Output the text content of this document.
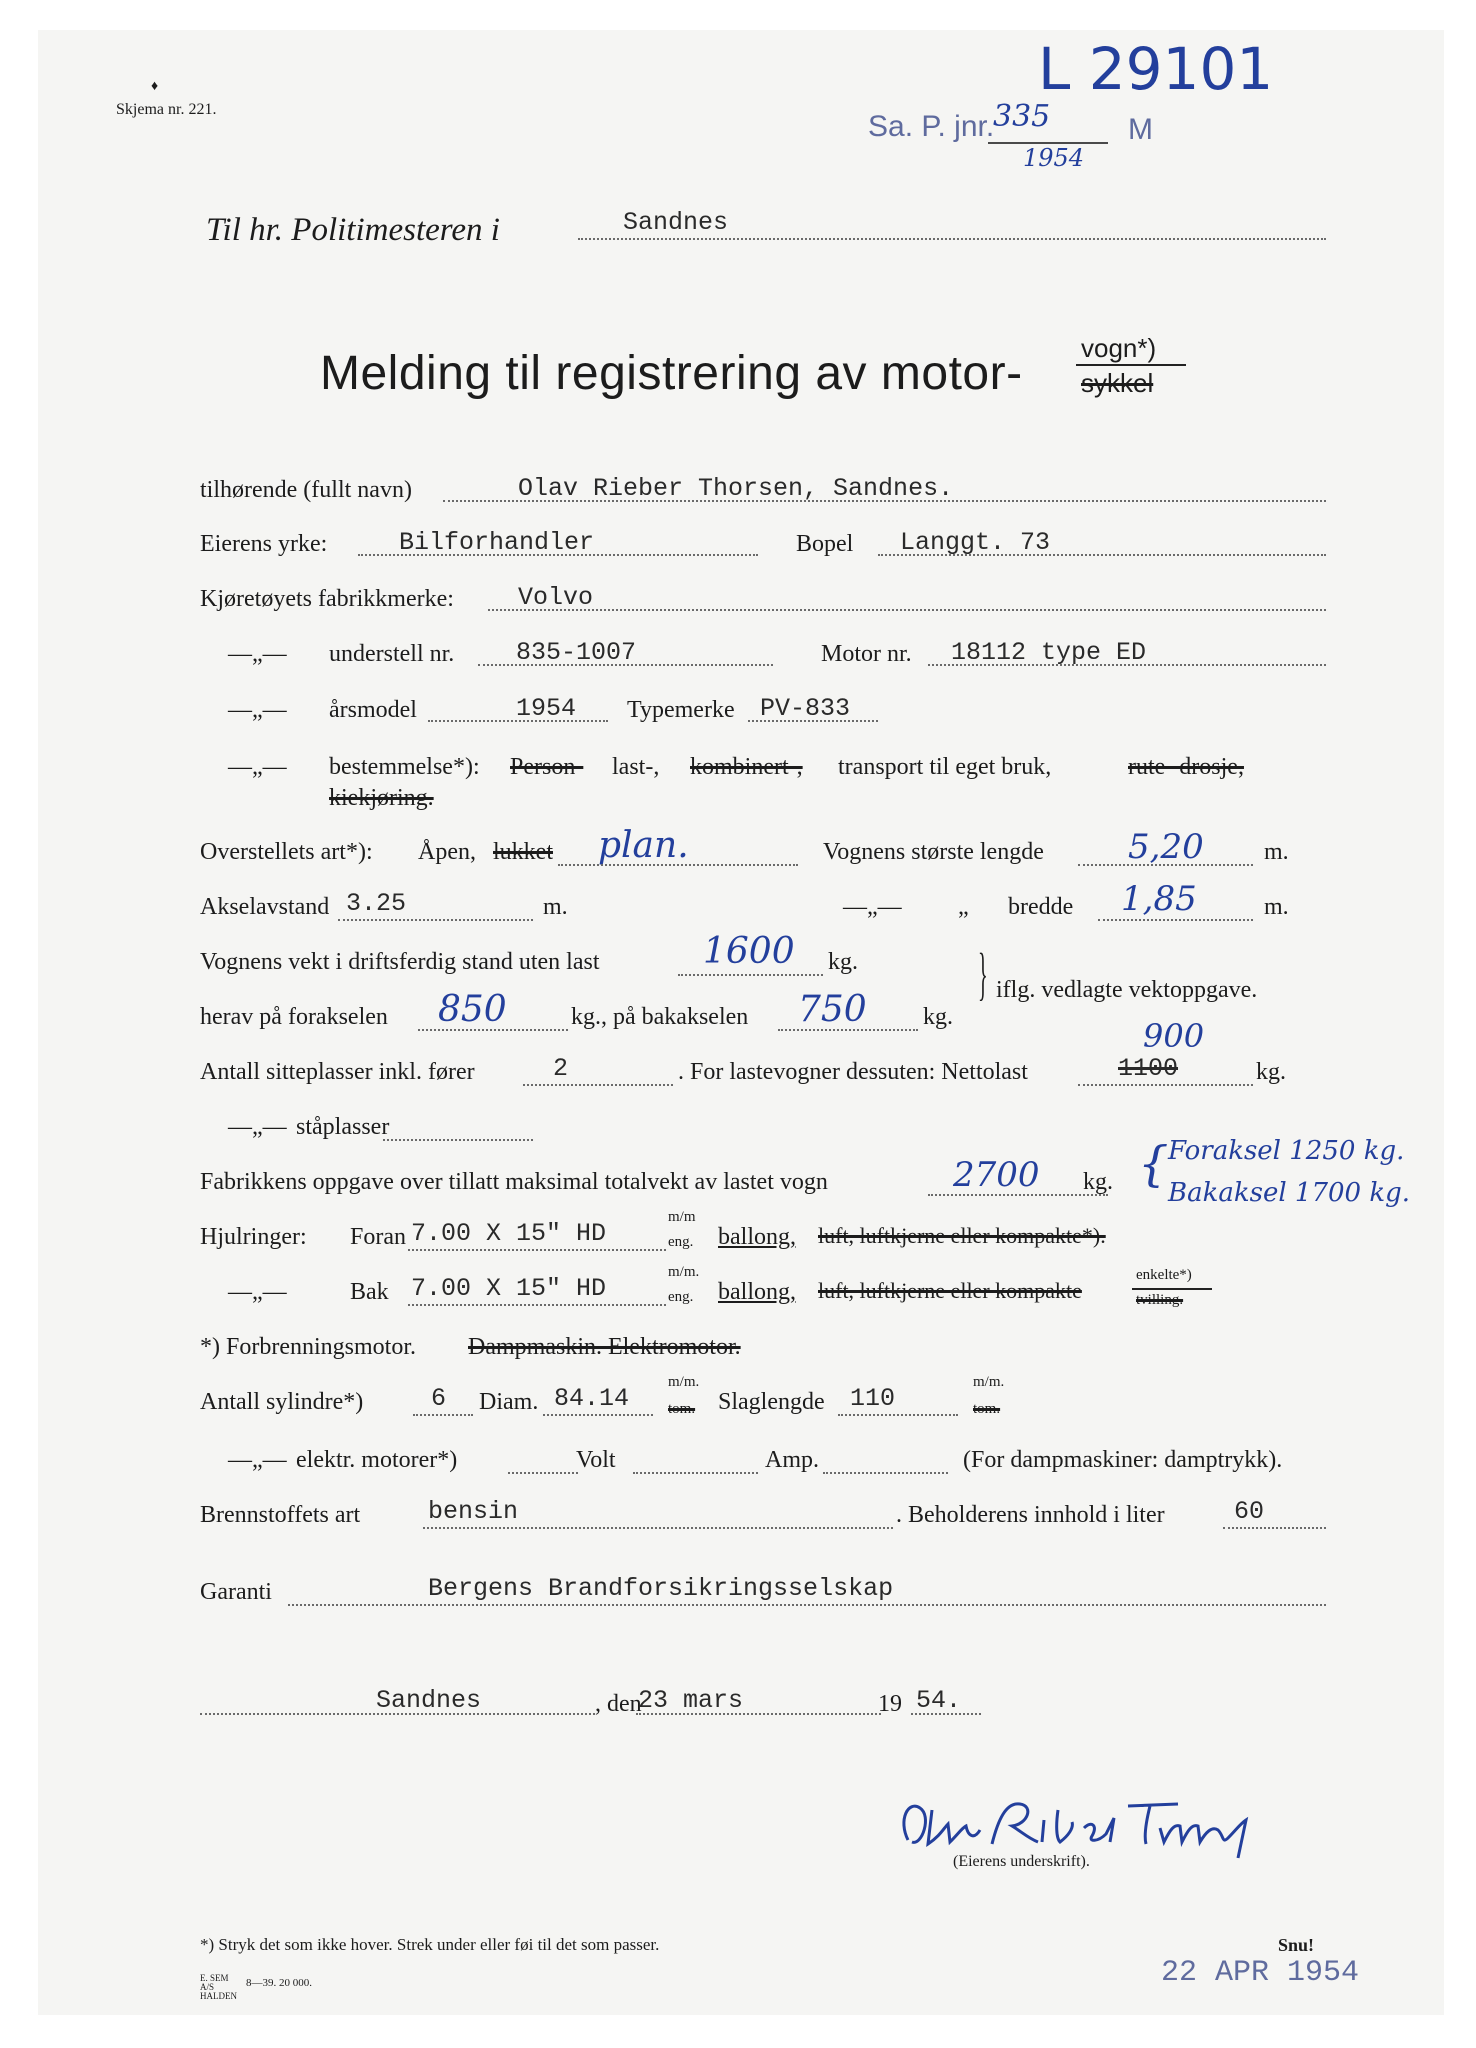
Skjema nr. 221.
♦	L 29101
Sa. P. jnr.
335	M
1954
Til hr. Politimesteren i	Sandnes
Melding til registrering av motor- vogn*)
sykkel
tilhørende (fullt navn)	Olav Rieber Thorsen, Sandnes.
Eierens yrke:	Bilforhandler	Bopel Langgt. 73
Kjøretøyets fabrikkmerke:	Volvo
—„— understell nr. 835-1007	Motor nr. 18112 type ED
—„— årsmodel	1954 Typemerke PV-833
—„— bestemmelse*): Person- last-, kombinert-, transport til eget bruk,	rute- drosje,
kiekjøring.
Overstellets art*): Åpen, lukket plan.	Vognens største lengde 5,20	m.
Akselavstand 3.25	m.	—„— „ bredde 1,85	m.
Vognens vekt i driftsferdig stand uten last	1600 kg.
herav på forakselen 850	kg., på bakakselen 750 kg.
} iflg. vedlagte vektoppgave.
Antall sitteplasser inkl. fører	2	. For lastevogner dessuten: Nettolast	1100
900
kg.
—„— ståplasser
Fabrikkens oppgave over tillatt maksimal totalvekt av lastet vogn	2700 kg. { Foraksel 1250 kg.
Bakaksel 1700 kg.
Hjulringer: Foran 7.00 X 15" HD
m/m
eng. ballong, luft, luftkjerne eller kompakte*).
—„—	Bak 7.00 X 15" HD
m/m.
eng. ballong, luft, luftkjerne eller kompakte
enkelte*)
tvilling.
*) Forbrenningsmotor. Dampmaskin. Elektromotor.
Antall sylindre*)	6 Diam. 84.14
m/m.
tom. Slaglengde 110
m/m.
tom.
—„— elektr. motorer*)	Volt	Amp.	(For dampmaskiner: damptrykk).
Brennstoffets art	bensin	. Beholderens innhold i liter	60
Garanti	Bergens Brandforsikringsselskap
Sandnes	, den
23 mars	19 54.
(Eierens underskrift).
*) Stryk det som ikke hover. Strek under eller føi til det som passer.	Snu!
E. SEM A/S HALDEN
8—39. 20 000.	22 APR 1954
